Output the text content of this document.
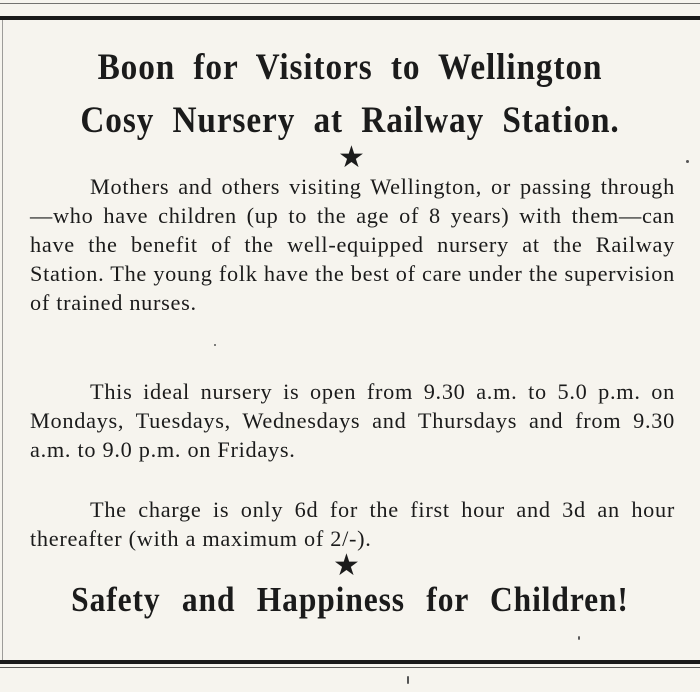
Boon for Visitors to Wellington
Cosy Nursery at Railway Station.
★

Mothers and others visiting Wellington, or passing through—who have children (up to the age of 8 years) with them—can have the benefit of the well-equipped nursery at the Railway Station. The young folk have the best of care under the supervision of trained nurses.

This ideal nursery is open from 9.30 a.m. to 5.0 p.m. on Mondays, Tuesdays, Wednesdays and Thursdays and from 9.30 a.m. to 9.0 p.m. on Fridays.

The charge is only 6d for the first hour and 3d an hour thereafter (with a maximum of 2/-).

★
Safety and Happiness for Children!
